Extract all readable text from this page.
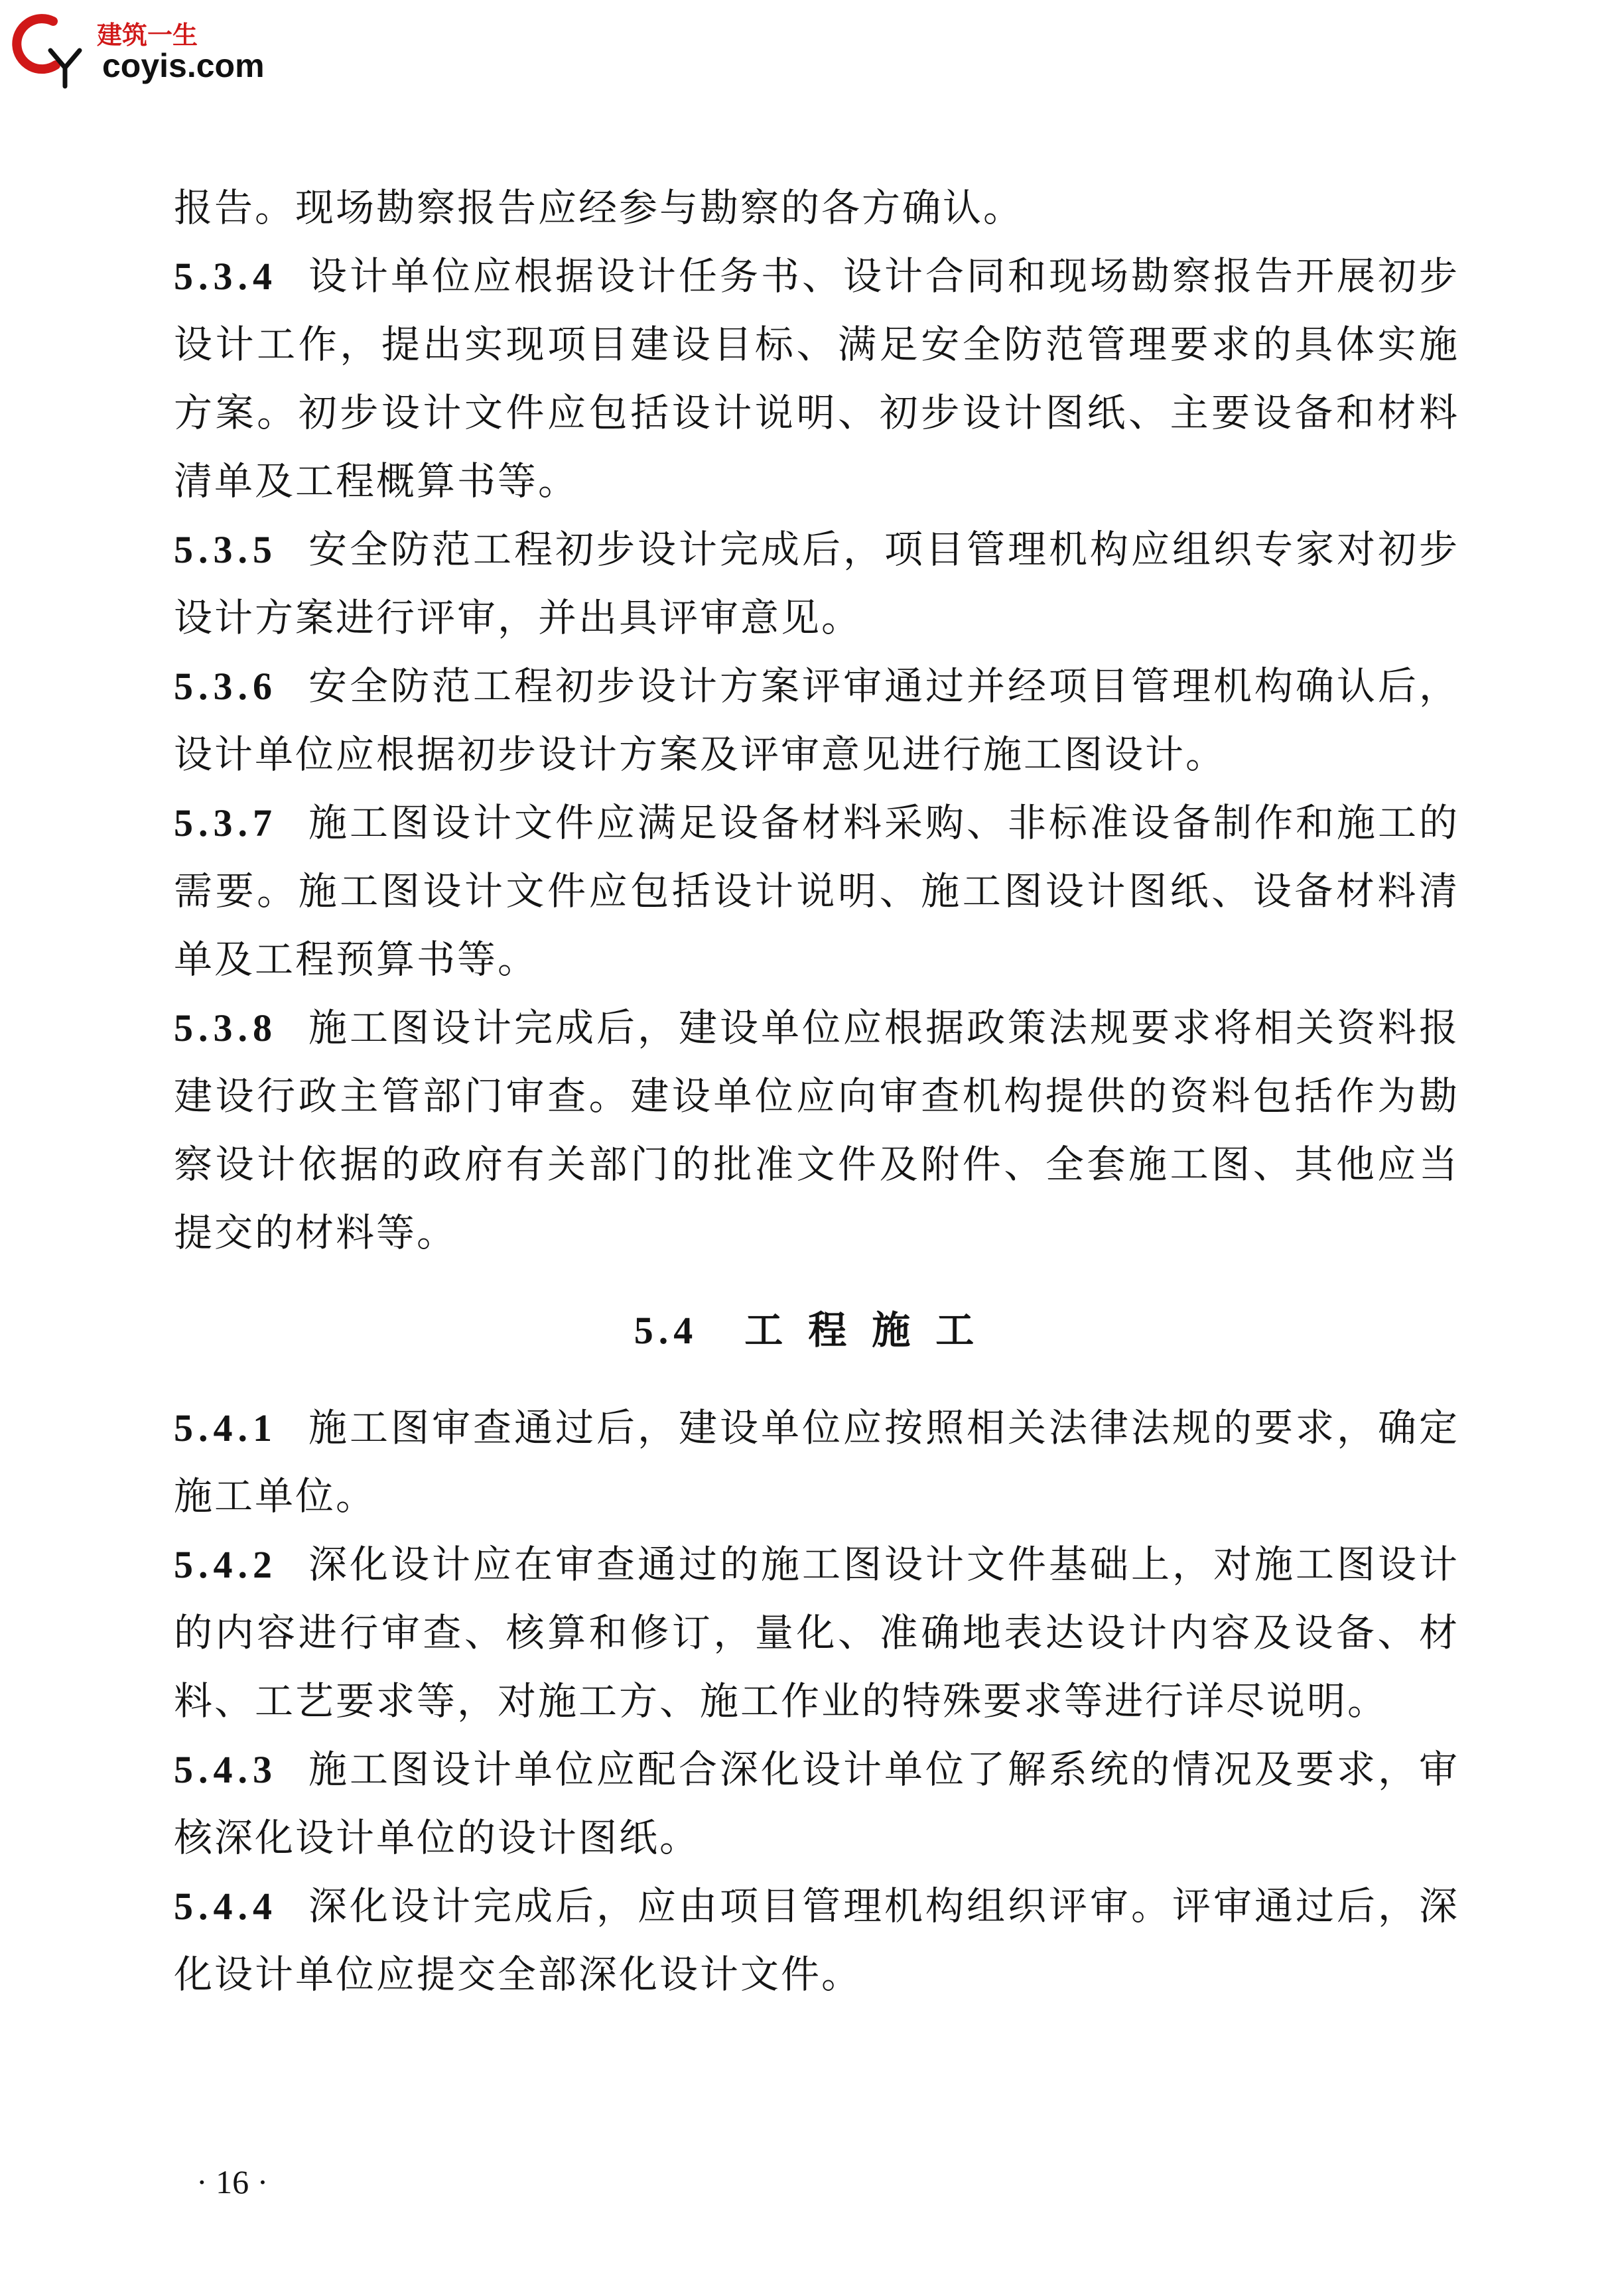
建筑一生
coyis.com

报告。现场勘察报告应经参与勘察的各方确认。

5.3.4 设计单位应根据设计任务书、设计合同和现场勘察报告开展初步设计工作，提出实现项目建设目标、满足安全防范管理要求的具体实施方案。初步设计文件应包括设计说明、初步设计图纸、主要设备和材料清单及工程概算书等。

5.3.5 安全防范工程初步设计完成后，项目管理机构应组织专家对初步设计方案进行评审，并出具评审意见。

5.3.6 安全防范工程初步设计方案评审通过并经项目管理机构确认后，设计单位应根据初步设计方案及评审意见进行施工图设计。

5.3.7 施工图设计文件应满足设备材料采购、非标准设备制作和施工的需要。施工图设计文件应包括设计说明、施工图设计图纸、设备材料清单及工程预算书等。

5.3.8 施工图设计完成后，建设单位应根据政策法规要求将相关资料报建设行政主管部门审查。建设单位应向审查机构提供的资料包括作为勘察设计依据的政府有关部门的批准文件及附件、全套施工图、其他应当提交的材料等。

5.4 工程施工

5.4.1 施工图审查通过后，建设单位应按照相关法律法规的要求，确定施工单位。

5.4.2 深化设计应在审查通过的施工图设计文件基础上，对施工图设计的内容进行审查、核算和修订，量化、准确地表达设计内容及设备、材料、工艺要求等，对施工方、施工作业的特殊要求等进行详尽说明。

5.4.3 施工图设计单位应配合深化设计单位了解系统的情况及要求，审核深化设计单位的设计图纸。

5.4.4 深化设计完成后，应由项目管理机构组织评审。评审通过后，深化设计单位应提交全部深化设计文件。

· 16 ·
